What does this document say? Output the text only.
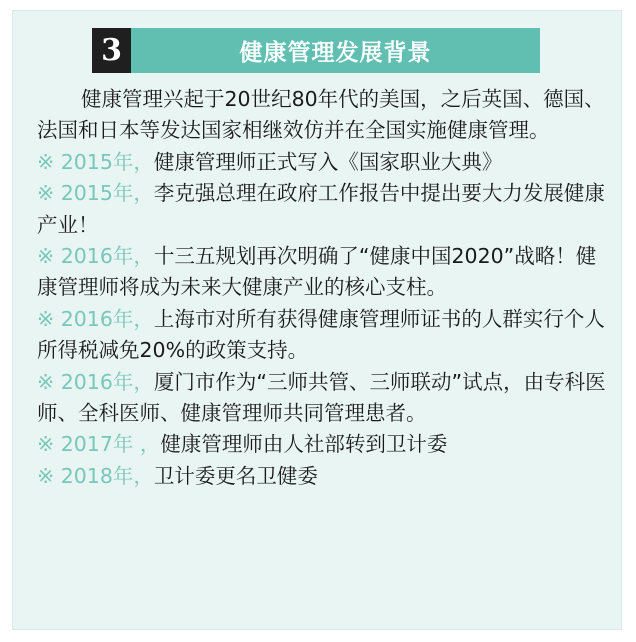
3	健康管理发展背景

健康管理兴起于20世纪80年代的美国，之后英国、德国、法国和日本等发达国家相继效仿并在全国实施健康管理。

※ 2015年，健康管理师正式写入《国家职业大典》

※ 2015年，李克强总理在政府工作报告中提出要大力发展健康产业！

※ 2016年，十三五规划再次明确了“健康中国2020”战略！健康管理师将成为未来大健康产业的核心支柱。

※ 2016年，上海市对所有获得健康管理师证书的人群实行个人所得税减免20%的政策支持。

※ 2016年，厦门市作为“三师共管、三师联动”试点，由专科医师、全科医师、健康管理师共同管理患者。

※ 2017年 ，健康管理师由人社部转到卫计委

※ 2018年，卫计委更名卫健委
